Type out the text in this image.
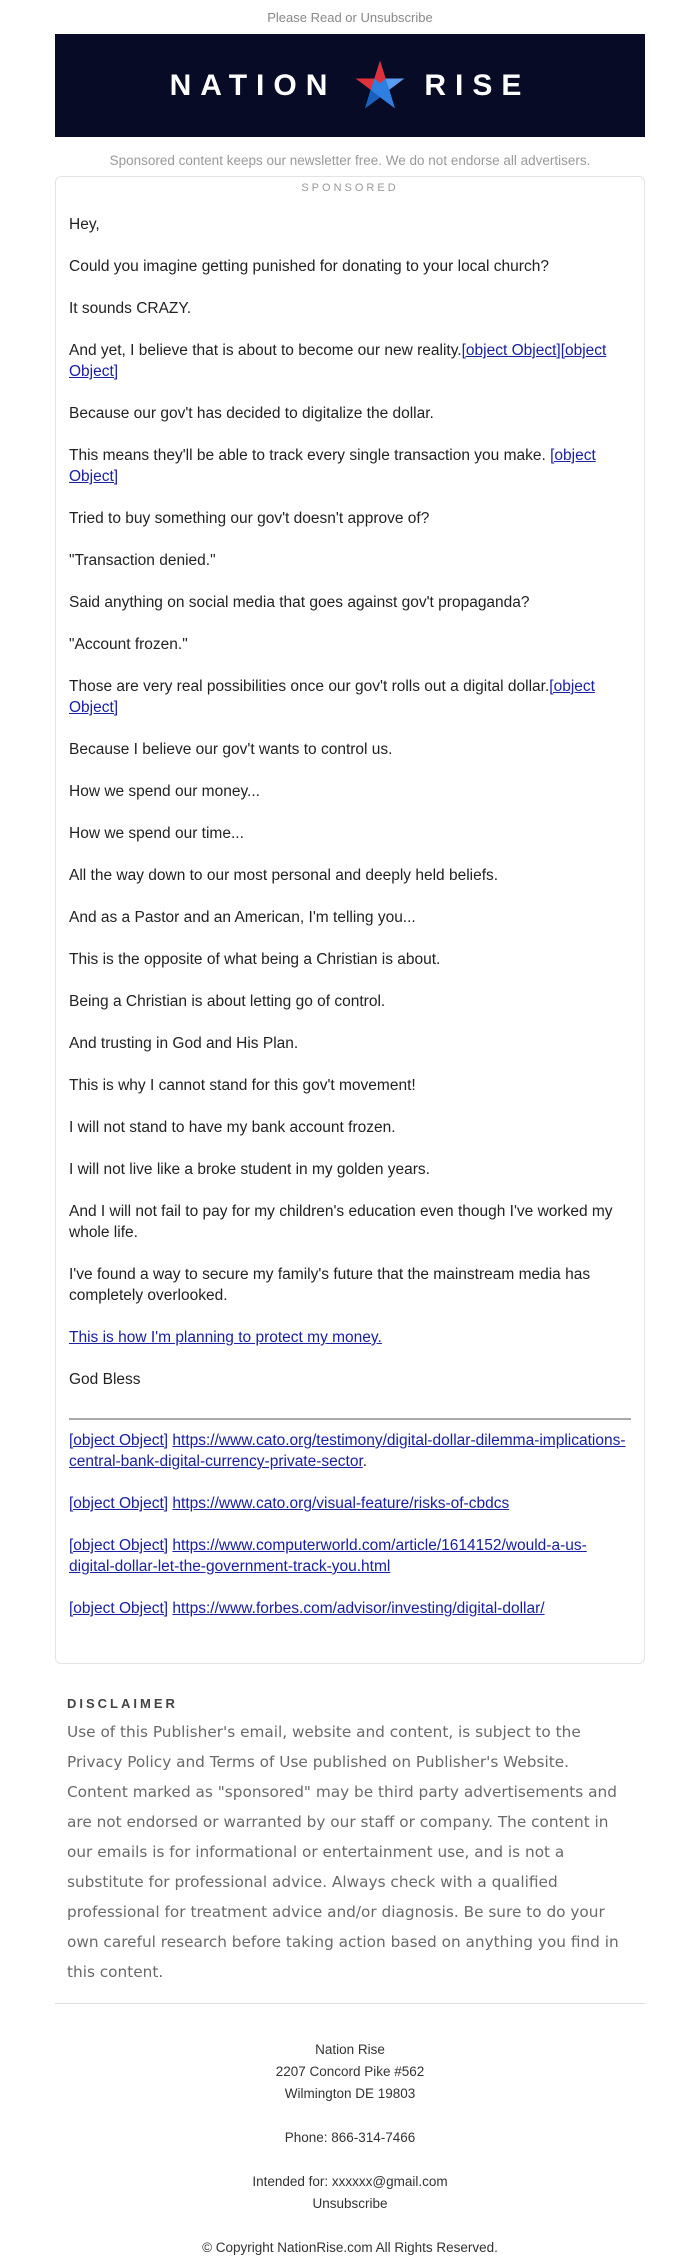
Please Read or Unsubscribe
NATION	RISE
Sponsored content keeps our newsletter free. We do not endorse all advertisers.
SPONSORED

Hey,

Could you imagine getting punished for donating to your local church?

It sounds CRAZY.

And yet, I believe that is about to become our new reality.[object Object][object Object]

Because our gov't has decided to digitalize the dollar.

This means they'll be able to track every single transaction you make. [object Object]

Tried to buy something our gov't doesn't approve of?

"Transaction denied."

Said anything on social media that goes against gov't propaganda?

"Account frozen."

Those are very real possibilities once our gov't rolls out a digital dollar.[object Object]

Because I believe our gov't wants to control us.

How we spend our money...

How we spend our time...

All the way down to our most personal and deeply held beliefs.

And as a Pastor and an American, I'm telling you...

This is the opposite of what being a Christian is about.

Being a Christian is about letting go of control.

And trusting in God and His Plan.

This is why I cannot stand for this gov't movement!

I will not stand to have my bank account frozen.

I will not live like a broke student in my golden years.

And I will not fail to pay for my children's education even though I've worked my whole life.

I've found a way to secure my family's future that the mainstream media has completely overlooked.

This is how I'm planning to protect my money.

God Bless

[object Object] https://www.cato.org/testimony/digital-dollar-dilemma-implications-central-bank-digital-currency-private-sector.

[object Object] https://www.cato.org/visual-feature/risks-of-cbdcs

[object Object] https://www.computerworld.com/article/1614152/would-a-us-digital-dollar-let-the-government-track-you.html

[object Object] https://www.forbes.com/advisor/investing/digital-dollar/

DISCLAIMER

Use of this Publisher's email, website and content, is subject to the Privacy Policy and Terms of Use published on Publisher's Website. Content marked as "sponsored" may be third party advertisements and are not endorsed or warranted by our staff or company. The content in our emails is for informational or entertainment use, and is not a substitute for professional advice. Always check with a qualified professional for treatment advice and/or diagnosis. Be sure to do your own careful research before taking action based on anything you find in this content.

Nation Rise
2207 Concord Pike #562
Wilmington DE 19803
Phone: 866-314-7466
Intended for: xxxxxx@gmail.com
Unsubscribe
© Copyright NationRise.com All Rights Reserved.
